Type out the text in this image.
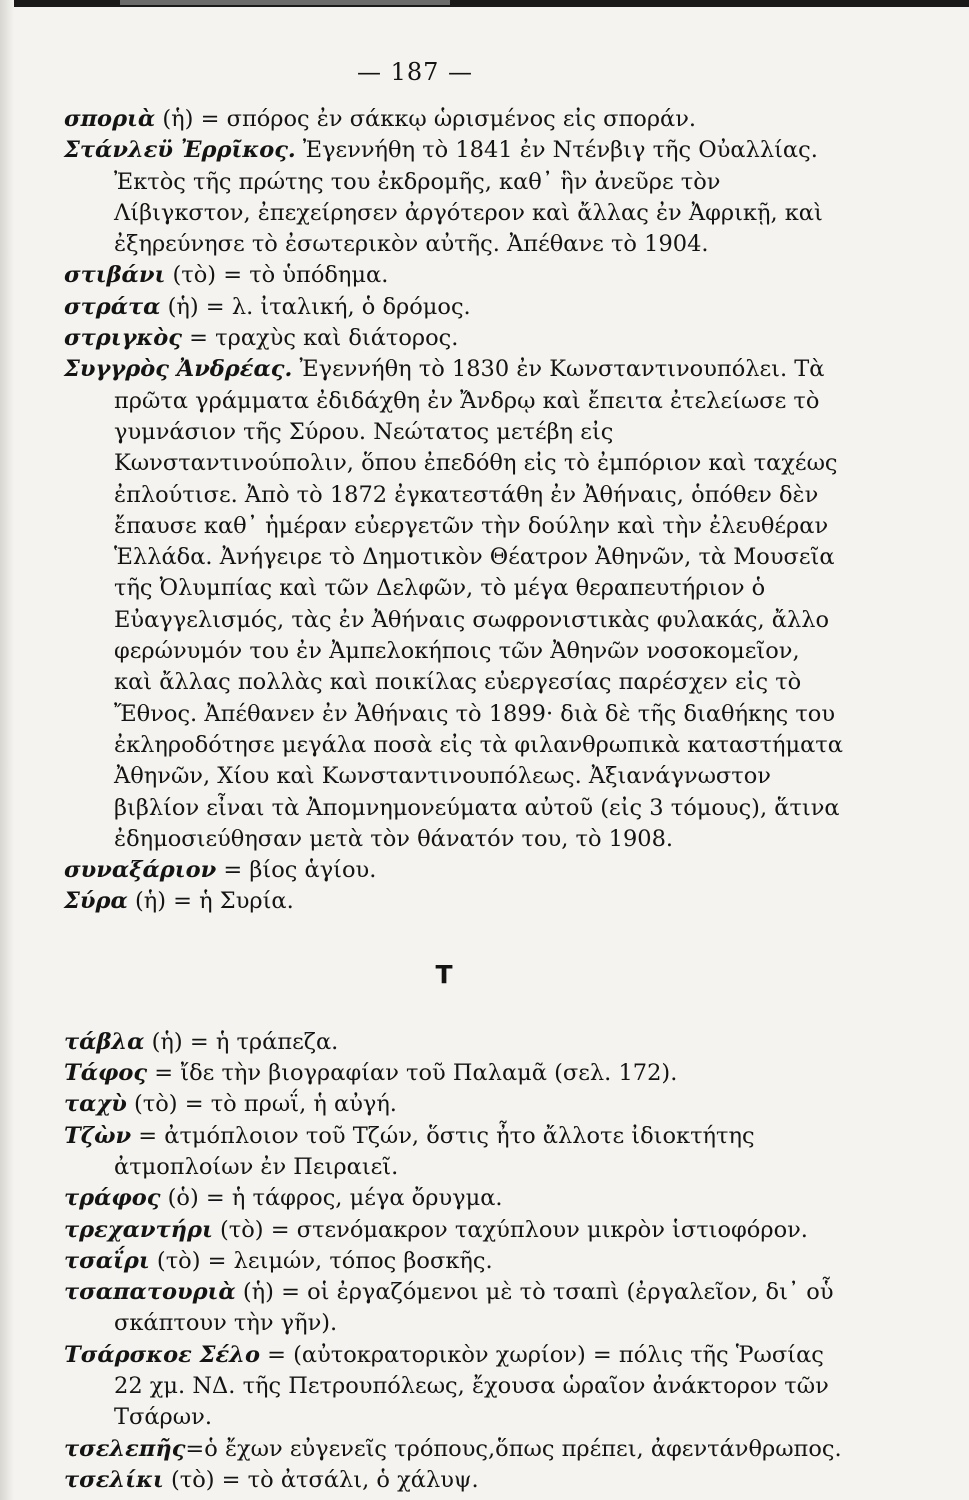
— 187 —

σποριὰ (ἡ) = σπόρος ἐν σάκκῳ ὡρισμένος εἰς σποράν.

Στάνλεϋ Ἐρρῖκος. Ἐγεννήθη τὸ 1841 ἐν Ντένβιγ τῆς Οὐαλλίας. Ἐκτὸς τῆς πρώτης του ἐκδρομῆς, καθ᾽ ἣν ἀνεῦρε τὸν Λίβιγκστον, ἐπεχείρησεν ἀργότερον καὶ ἄλλας ἐν Ἀφρικῇ, καὶ ἐξηρεύνησε τὸ ἐσωτερικὸν αὐτῆς. Ἀπέθανε τὸ 1904.

στιβάνι (τὸ) = τὸ ὑπόδημα.

στράτα (ἡ) = λ. ἰταλική, ὁ δρόμος.

στριγκὸς = τραχὺς καὶ διάτορος.

Συγγρὸς Ἀνδρέας. Ἐγεννήθη τὸ 1830 ἐν Κωνσταντινουπόλει. Τὰ πρῶτα γράμματα ἐδιδάχθη ἐν Ἄνδρῳ καὶ ἔπειτα ἐτελείωσε τὸ γυμνάσιον τῆς Σύρου. Νεώτατος μετέβη εἰς Κωνσταντινούπολιν, ὅπου ἐπεδόθη εἰς τὸ ἐμπόριον καὶ ταχέως ἐπλούτισε. Ἀπὸ τὸ 1872 ἐγκατεστάθη ἐν Ἀθήναις, ὁπόθεν δὲν ἔπαυσε καθ᾽ ἡμέραν εὐεργετῶν τὴν δούλην καὶ τὴν ἐλευθέραν Ἑλλάδα. Ἀνήγειρε τὸ Δημοτικὸν Θέατρον Ἀθηνῶν, τὰ Μουσεῖα τῆς Ὀλυμπίας καὶ τῶν Δελφῶν, τὸ μέγα θεραπευτήριον ὁ Εὐαγγελισμός, τὰς ἐν Ἀθήναις σωφρονιστικὰς φυλακάς, ἄλλο φερώνυμόν του ἐν Ἀμπελοκήποις τῶν Ἀθηνῶν νοσοκομεῖον, καὶ ἄλλας πολλὰς καὶ ποικίλας εὐεργεσίας παρέσχεν εἰς τὸ Ἔθνος. Ἀπέθανεν ἐν Ἀθήναις τὸ 1899· διὰ δὲ τῆς διαθήκης του ἐκληροδότησε μεγάλα ποσὰ εἰς τὰ φιλανθρωπικὰ καταστήματα Ἀθηνῶν, Χίου καὶ Κωνσταντινουπόλεως. Ἀξιανάγνωστον βιβλίον εἶναι τὰ Ἀπομνημονεύματα αὐτοῦ (εἰς 3 τόμους), ἅτινα ἐδημοσιεύθησαν μετὰ τὸν θάνατόν του, τὸ 1908.

συναξάριον = βίος ἁγίου.

Σύρα (ἡ) = ἡ Συρία.

Τ

τάβλα (ἡ) = ἡ τράπεζα.

Τάφος = ἴδε τὴν βιογραφίαν τοῦ Παλαμᾶ (σελ. 172).

ταχὺ (τὸ) = τὸ πρωΐ, ἡ αὐγή.

Τζὼν = ἀτμόπλοιον τοῦ Τζών, ὅστις ἦτο ἄλλοτε ἰδιοκτήτης ἀτμοπλοίων ἐν Πειραιεῖ.

τράφος (ὁ) = ἡ τάφρος, μέγα ὄρυγμα.

τρεχαντήρι (τὸ) = στενόμακρον ταχύπλουν μικρὸν ἱστιοφόρον.

τσαΐρι (τὸ) = λειμών, τόπος βοσκῆς.

τσαπατουριὰ (ἡ) = οἱ ἐργαζόμενοι μὲ τὸ τσαπὶ (ἐργαλεῖον, δι᾽ οὗ σκάπτουν τὴν γῆν).

Τσάρσκοε Σέλο = (αὐτοκρατορικὸν χωρίον) = πόλις τῆς Ῥωσίας 22 χμ. ΝΔ. τῆς Πετρουπόλεως, ἔχουσα ὡραῖον ἀνάκτορον τῶν Τσάρων.

τσελεπῆς=ὁ ἔχων εὐγενεῖς τρόπους,ὅπως πρέπει, ἀφεντάνθρωπος.

τσελίκι (τὸ) = τὸ ἀτσάλι, ὁ χάλυψ.
